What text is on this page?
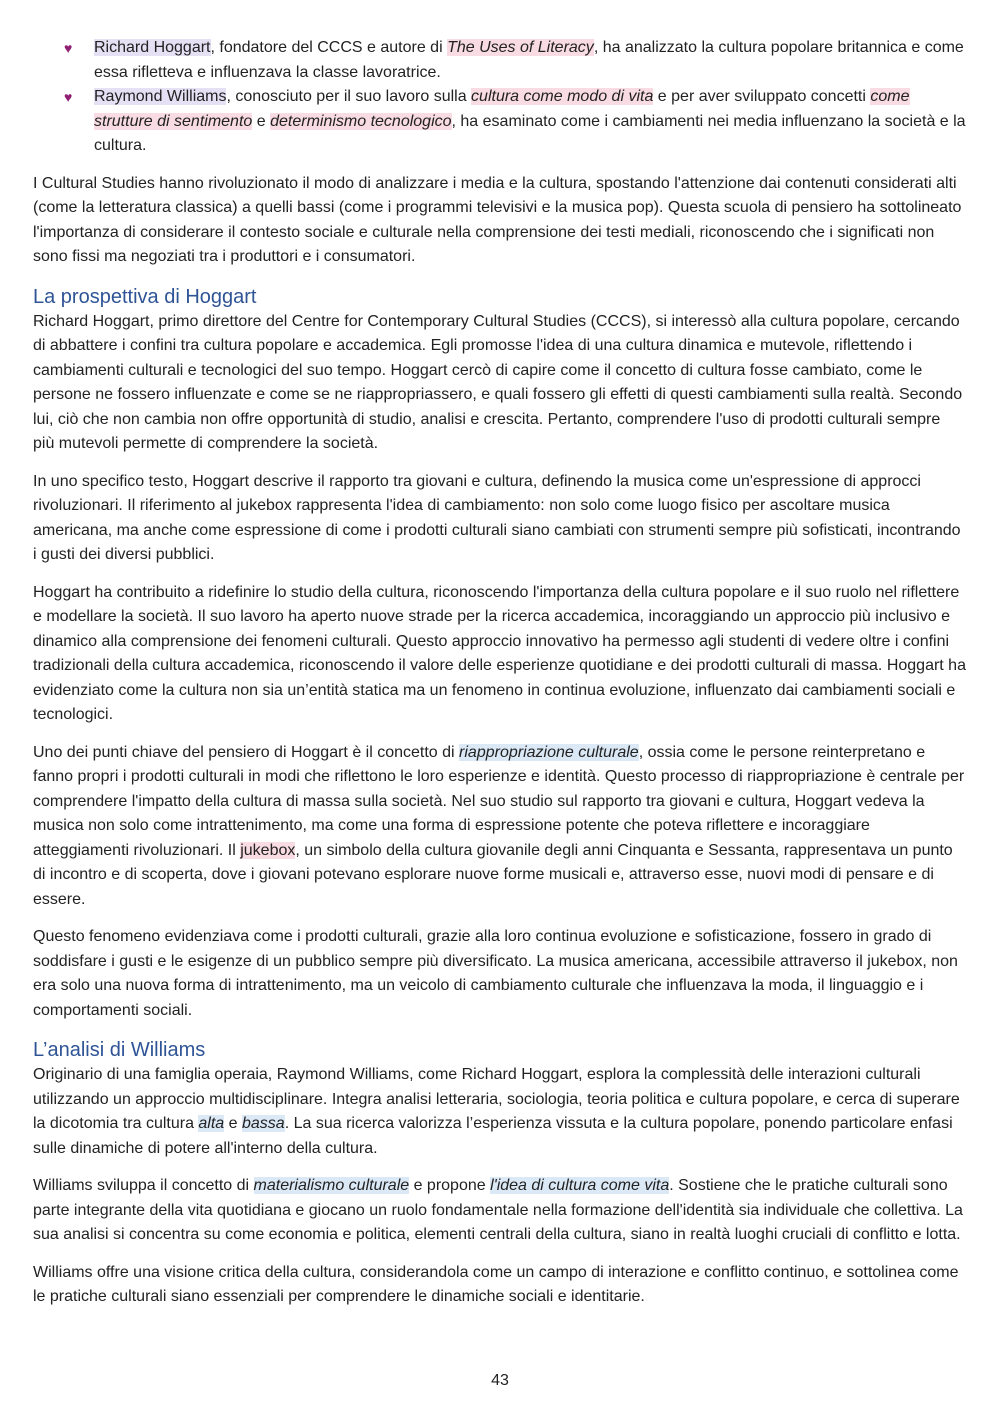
♥ Richard Hoggart, fondatore del CCCS e autore di The Uses of Literacy, ha analizzato la cultura popolare britannica e come essa rifletteva e influenzava la classe lavoratrice.
♥ Raymond Williams, conosciuto per il suo lavoro sulla cultura come modo di vita e per aver sviluppato concetti come strutture di sentimento e determinismo tecnologico, ha esaminato come i cambiamenti nei media influenzano la società e la cultura.

I Cultural Studies hanno rivoluzionato il modo di analizzare i media e la cultura, spostando l'attenzione dai contenuti considerati alti (come la letteratura classica) a quelli bassi (come i programmi televisivi e la musica pop). Questa scuola di pensiero ha sottolineato l'importanza di considerare il contesto sociale e culturale nella comprensione dei testi mediali, riconoscendo che i significati non sono fissi ma negoziati tra i produttori e i consumatori.

La prospettiva di Hoggart

Richard Hoggart, primo direttore del Centre for Contemporary Cultural Studies (CCCS), si interessò alla cultura popolare, cercando di abbattere i confini tra cultura popolare e accademica. Egli promosse l'idea di una cultura dinamica e mutevole, riflettendo i cambiamenti culturali e tecnologici del suo tempo. Hoggart cercò di capire come il concetto di cultura fosse cambiato, come le persone ne fossero influenzate e come se ne riappropriassero, e quali fossero gli effetti di questi cambiamenti sulla realtà. Secondo lui, ciò che non cambia non offre opportunità di studio, analisi e crescita. Pertanto, comprendere l'uso di prodotti culturali sempre più mutevoli permette di comprendere la società.

In uno specifico testo, Hoggart descrive il rapporto tra giovani e cultura, definendo la musica come un'espressione di approcci rivoluzionari. Il riferimento al jukebox rappresenta l'idea di cambiamento: non solo come luogo fisico per ascoltare musica americana, ma anche come espressione di come i prodotti culturali siano cambiati con strumenti sempre più sofisticati, incontrando i gusti dei diversi pubblici.

Hoggart ha contribuito a ridefinire lo studio della cultura, riconoscendo l'importanza della cultura popolare e il suo ruolo nel riflettere e modellare la società. Il suo lavoro ha aperto nuove strade per la ricerca accademica, incoraggiando un approccio più inclusivo e dinamico alla comprensione dei fenomeni culturali. Questo approccio innovativo ha permesso agli studenti di vedere oltre i confini tradizionali della cultura accademica, riconoscendo il valore delle esperienze quotidiane e dei prodotti culturali di massa. Hoggart ha evidenziato come la cultura non sia un’entità statica ma un fenomeno in continua evoluzione, influenzato dai cambiamenti sociali e tecnologici.

Uno dei punti chiave del pensiero di Hoggart è il concetto di riappropriazione culturale, ossia come le persone reinterpretano e fanno propri i prodotti culturali in modi che riflettono le loro esperienze e identità. Questo processo di riappropriazione è centrale per comprendere l'impatto della cultura di massa sulla società. Nel suo studio sul rapporto tra giovani e cultura, Hoggart vedeva la musica non solo come intrattenimento, ma come una forma di espressione potente che poteva riflettere e incoraggiare atteggiamenti rivoluzionari. Il jukebox, un simbolo della cultura giovanile degli anni Cinquanta e Sessanta, rappresentava un punto di incontro e di scoperta, dove i giovani potevano esplorare nuove forme musicali e, attraverso esse, nuovi modi di pensare e di essere.

Questo fenomeno evidenziava come i prodotti culturali, grazie alla loro continua evoluzione e sofisticazione, fossero in grado di soddisfare i gusti e le esigenze di un pubblico sempre più diversificato. La musica americana, accessibile attraverso il jukebox, non era solo una nuova forma di intrattenimento, ma un veicolo di cambiamento culturale che influenzava la moda, il linguaggio e i comportamenti sociali.

L’analisi di Williams

Originario di una famiglia operaia, Raymond Williams, come Richard Hoggart, esplora la complessità delle interazioni culturali utilizzando un approccio multidisciplinare. Integra analisi letteraria, sociologia, teoria politica e cultura popolare, e cerca di superare la dicotomia tra cultura alta e bassa. La sua ricerca valorizza l’esperienza vissuta e la cultura popolare, ponendo particolare enfasi sulle dinamiche di potere all'interno della cultura.

Williams sviluppa il concetto di materialismo culturale e propone l'idea di cultura come vita. Sostiene che le pratiche culturali sono parte integrante della vita quotidiana e giocano un ruolo fondamentale nella formazione dell'identità sia individuale che collettiva. La sua analisi si concentra su come economia e politica, elementi centrali della cultura, siano in realtà luoghi cruciali di conflitto e lotta.

Williams offre una visione critica della cultura, considerandola come un campo di interazione e conflitto continuo, e sottolinea come le pratiche culturali siano essenziali per comprendere le dinamiche sociali e identitarie.

43
